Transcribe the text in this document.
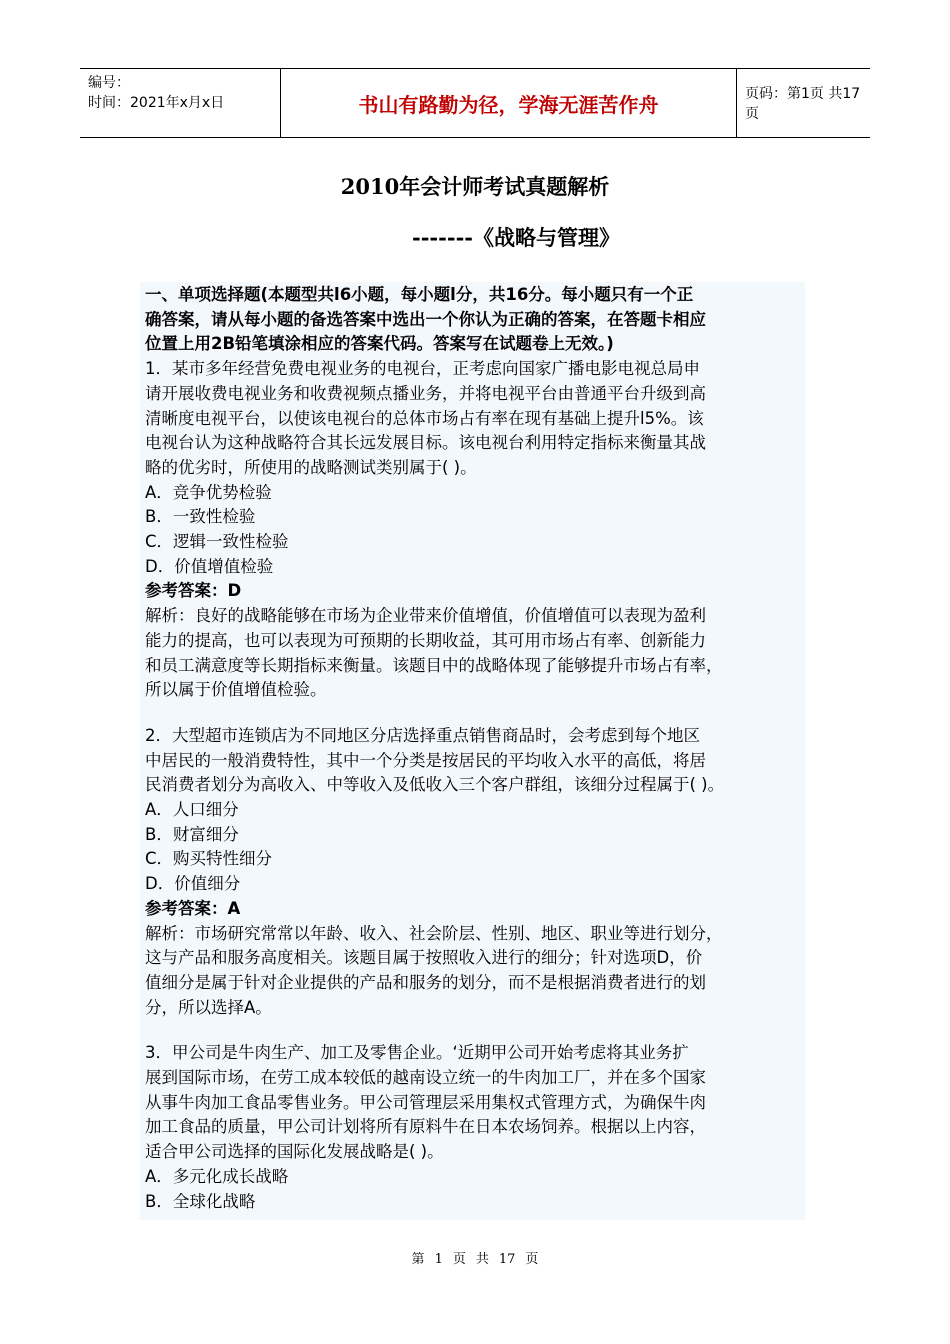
编号：
时间：2021年x月x日	书山有路勤为径，学海无涯苦作舟	页码：第1页 共17页
2010年会计师考试真题解析
-------《战略与管理》
一、单项选择题(本题型共l6小题，每小题l分，共16分。每小题只有一个正
确答案，请从每小题的备选答案中选出一个你认为正确的答案，在答题卡相应
位置上用2B铅笔填涂相应的答案代码。答案写在试题卷上无效。)
1．某市多年经营免费电视业务的电视台，正考虑向国家广播电影电视总局申
请开展收费电视业务和收费视频点播业务，并将电视平台由普通平台升级到高
清晰度电视平台，以使该电视台的总体市场占有率在现有基础上提升l5%。该
电视台认为这种战略符合其长远发展目标。该电视台利用特定指标来衡量其战
略的优劣时，所使用的战略测试类别属于( )。
A．竞争优势检验
B．一致性检验
C．逻辑一致性检验
D．价值增值检验
参考答案：D
解析：良好的战略能够在市场为企业带来价值增值，价值增值可以表现为盈利
能力的提高，也可以表现为可预期的长期收益，其可用市场占有率、创新能力
和员工满意度等长期指标来衡量。该题目中的战略体现了能够提升市场占有率，
所以属于价值增值检验。
2．大型超市连锁店为不同地区分店选择重点销售商品时，会考虑到每个地区
中居民的一般消费特性，其中一个分类是按居民的平均收入水平的高低，将居
民消费者划分为高收入、中等收入及低收入三个客户群组，该细分过程属于( )。
A．人口细分
B．财富细分
C．购买特性细分
D．价值细分
参考答案：A
解析：市场研究常常以年龄、收入、社会阶层、性别、地区、职业等进行划分，
这与产品和服务高度相关。该题目属于按照收入进行的细分；针对选项D，价
值细分是属于针对企业提供的产品和服务的划分，而不是根据消费者进行的划
分，所以选择A。
3．甲公司是牛肉生产、加工及零售企业。‘近期甲公司开始考虑将其业务扩
展到国际市场，在劳工成本较低的越南设立统一的牛肉加工厂，并在多个国家
从事牛肉加工食品零售业务。甲公司管理层采用集权式管理方式，为确保牛肉
加工食品的质量，甲公司计划将所有原料牛在日本农场饲养。根据以上内容，
适合甲公司选择的国际化发展战略是( )。
A．多元化成长战略
B．全球化战略
第 1 页 共 17 页
